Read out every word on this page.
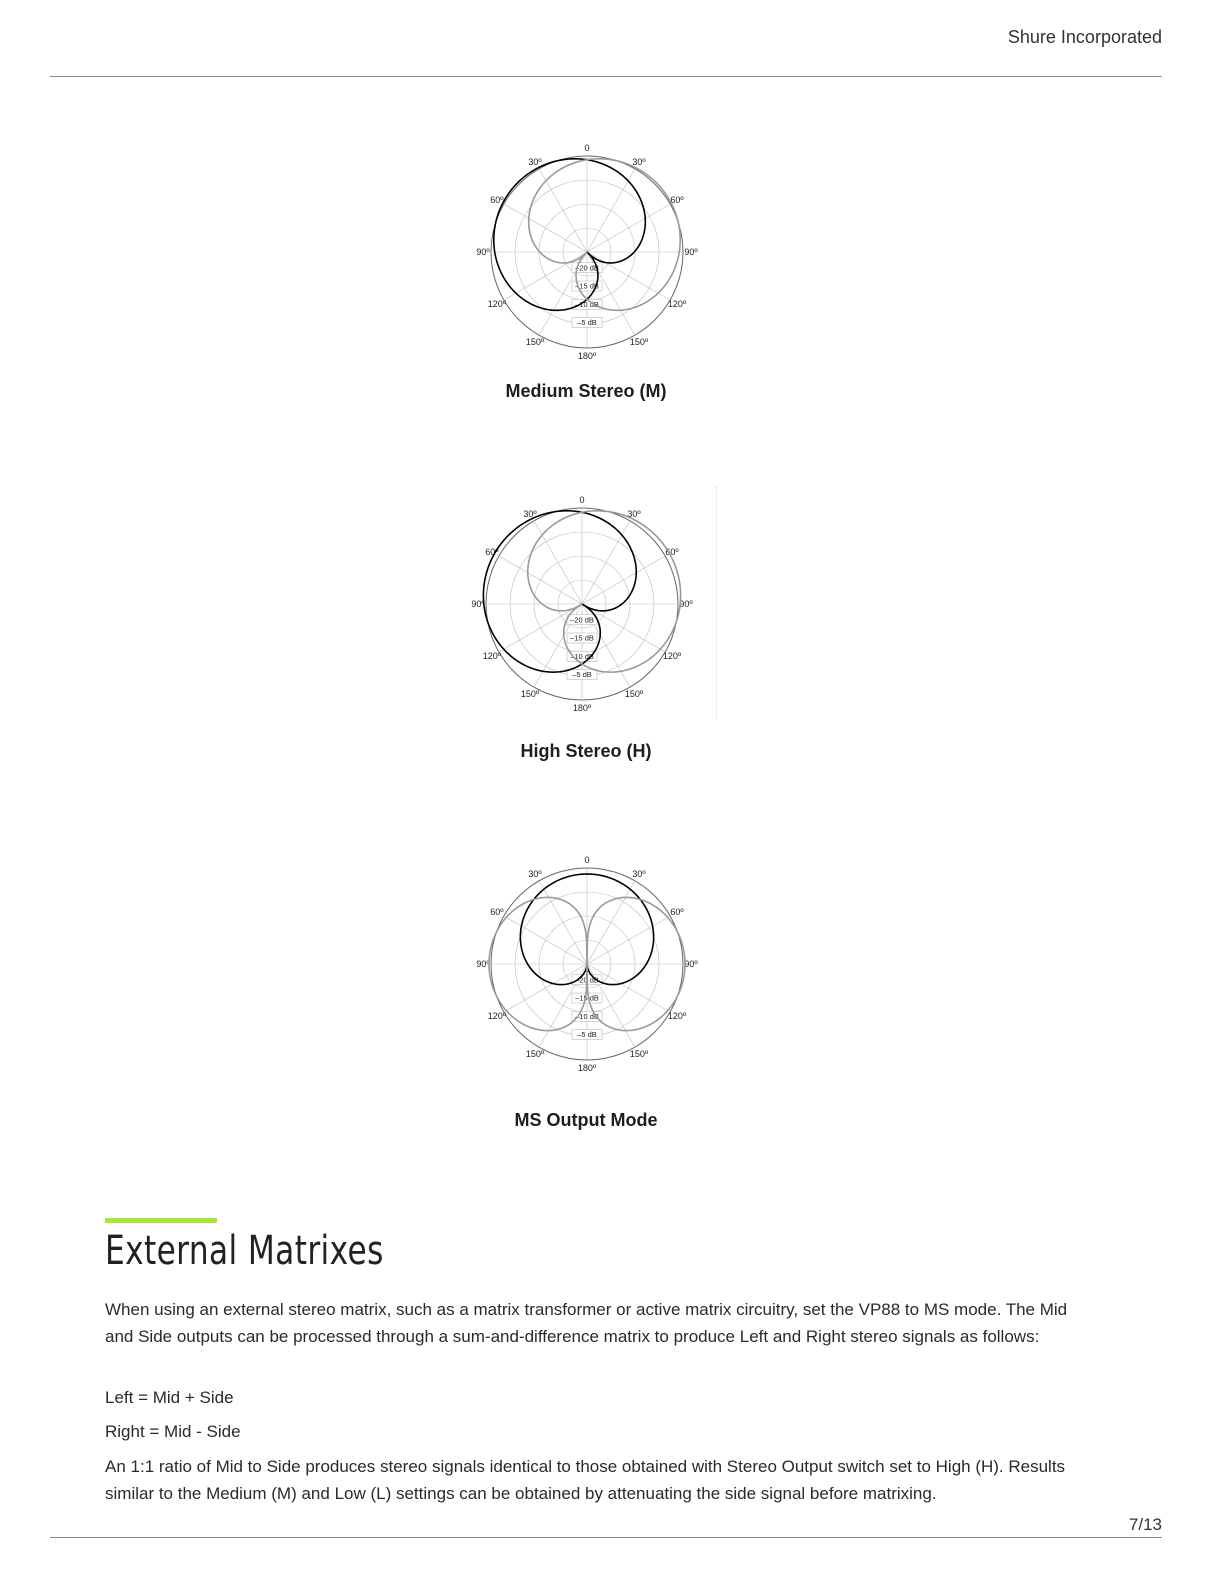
Shure Incorporated
0
30º
30º
60º
60º
90º
90º
120º
120º
150º
150º
180º
–20 dB
–15 dB
–10 dB
–5 dB
Medium Stereo (M)
0
30º
30º
60º
60º
90º
90º
120º
120º
150º
150º
180º
–20 dB
–15 dB
–10 dB
–5 dB
High Stereo (H)
0
30º
30º
60º
60º
90º
90º
120º
120º
150º
150º
180º
–20 dB
–15 dB
–10 dB
–5 dB
MS Output Mode
External Matrixes

When using an external stereo matrix, such as a matrix transformer or active matrix circuitry, set the VP88 to MS mode. The Mid and Side outputs can be processed through a sum-and-difference matrix to produce Left and Right stereo signals as follows:

Left = Mid + Side

Right = Mid - Side

An 1:1 ratio of Mid to Side produces stereo signals identical to those obtained with Stereo Output switch set to High (H). Results similar to the Medium (M) and Low (L) settings can be obtained by attenuating the side signal before matrixing.

7/13
